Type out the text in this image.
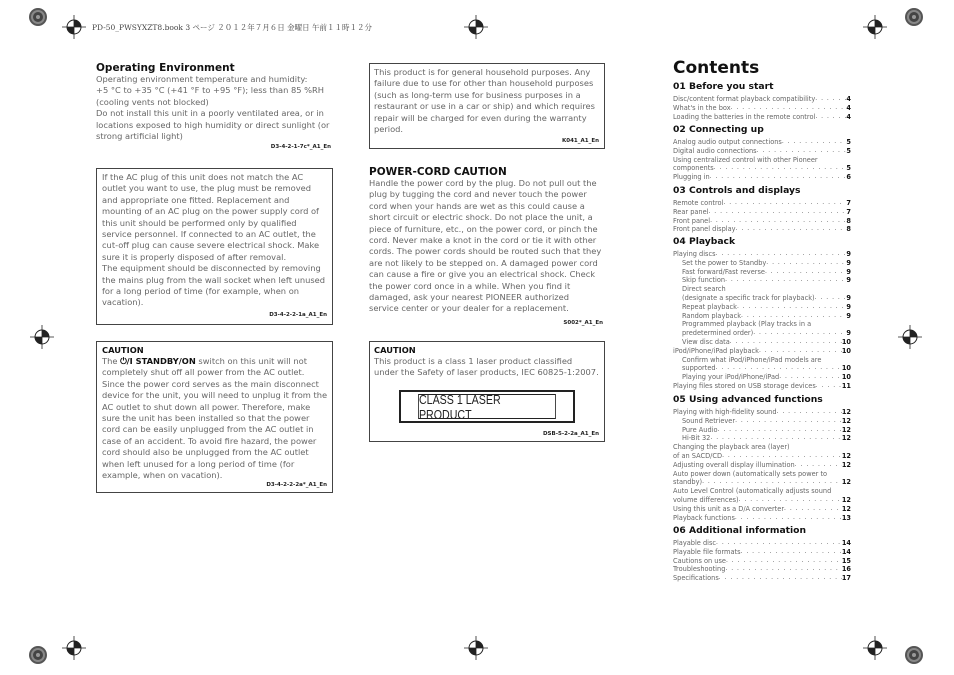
PD-50_PWSYXZT8.book 3 ページ ２０１２年７月６日 金曜日 午前１１時１２分
Operating Environment
Operating environment temperature and humidity:
+5 °C to +35 °C (+41 °F to +95 °F); less than 85 %RH
(cooling vents not blocked)
Do not install this unit in a poorly ventilated area, or in
locations exposed to high humidity or direct sunlight (or
strong artificial light)
D3-4-2-1-7c*_A1_En
If the AC plug of this unit does not match the AC
outlet you want to use, the plug must be removed
and appropriate one fitted. Replacement and
mounting of an AC plug on the power supply cord of
this unit should be performed only by qualified
service personnel. If connected to an AC outlet, the
cut-off plug can cause severe electrical shock. Make
sure it is properly disposed of after removal.
The equipment should be disconnected by removing
the mains plug from the wall socket when left unused
for a long period of time (for example, when on
vacation).
D3-4-2-2-1a_A1_En
CAUTION
The ⏻/I STANDBY/ON switch on this unit will not
completely shut off all power from the AC outlet.
Since the power cord serves as the main disconnect
device for the unit, you will need to unplug it from the
AC outlet to shut down all power. Therefore, make
sure the unit has been installed so that the power
cord can be easily unplugged from the AC outlet in
case of an accident. To avoid fire hazard, the power
cord should also be unplugged from the AC outlet
when left unused for a long period of time (for
example, when on vacation).
D3-4-2-2-2a*_A1_En
This product is for general household purposes. Any
failure due to use for other than household purposes
(such as long-term use for business purposes in a
restaurant or use in a car or ship) and which requires
repair will be charged for even during the warranty
period.
K041_A1_En
POWER-CORD CAUTION
Handle the power cord by the plug. Do not pull out the
plug by tugging the cord and never touch the power
cord when your hands are wet as this could cause a
short circuit or electric shock. Do not place the unit, a
piece of furniture, etc., on the power cord, or pinch the
cord. Never make a knot in the cord or tie it with other
cords. The power cords should be routed such that they
are not likely to be stepped on. A damaged power cord
can cause a fire or give you an electrical shock. Check
the power cord once in a while. When you find it
damaged, ask your nearest PIONEER authorized
service center or your dealer for a replacement.
S002*_A1_En
CAUTION
This product is a class 1 laser product classified
under the Safety of laser products, IEC 60825-1:2007.
DSB-5-2-2a_A1_En
CLASS 1 LASER PRODUCT
Contents
01 Before you start
Disc/content format playback compatibility . . .	4
What's in the box . . .	4
Loading the batteries in the remote control . . .	4
02 Connecting up
Analog audio output connections . . .	5
Digital audio connections . . .	5
Using centralized control with other Pioneer
components . . .	5
Plugging in . . .	6
03 Controls and displays
Remote control . . .	7
Rear panel . . .	7
Front panel . . .	8
Front panel display . . .	8
04 Playback
Playing discs . . .	9
Set the power to Standby . . .	9
Fast forward/Fast reverse . . .	9
Skip function . . .	9
Direct search
(designate a specific track for playback) . . .	9
Repeat playback . . .	9
Random playback . . .	9
Programmed playback (Play tracks in a
predetermined order) . . .	9
View disc data . . .	10
iPod/iPhone/iPad playback . . .	10
Confirm what iPod/iPhone/iPad models are
supported . . .	10
Playing your iPod/iPhone/iPad . . .	10
Playing files stored on USB storage devices . . .	11
05 Using advanced functions
Playing with high-fidelity sound . . .	12
Sound Retriever . . .	12
Pure Audio . . .	12
Hi-Bit 32 . . .	12
Changing the playback area (layer)
of an SACD/CD . . .	12
Adjusting overall display illumination . . .	12
Auto power down (automatically sets power to
standby) . . .	12
Auto Level Control (automatically adjusts sound
volume differences) . . .	12
Using this unit as a D/A converter . . .	12
Playback functions . . .	13
06 Additional information
Playable disc . . .	14
Playable file formats . . .	14
Cautions on use . . .	15
Troubleshooting . . .	16
Specifications . . .	17
